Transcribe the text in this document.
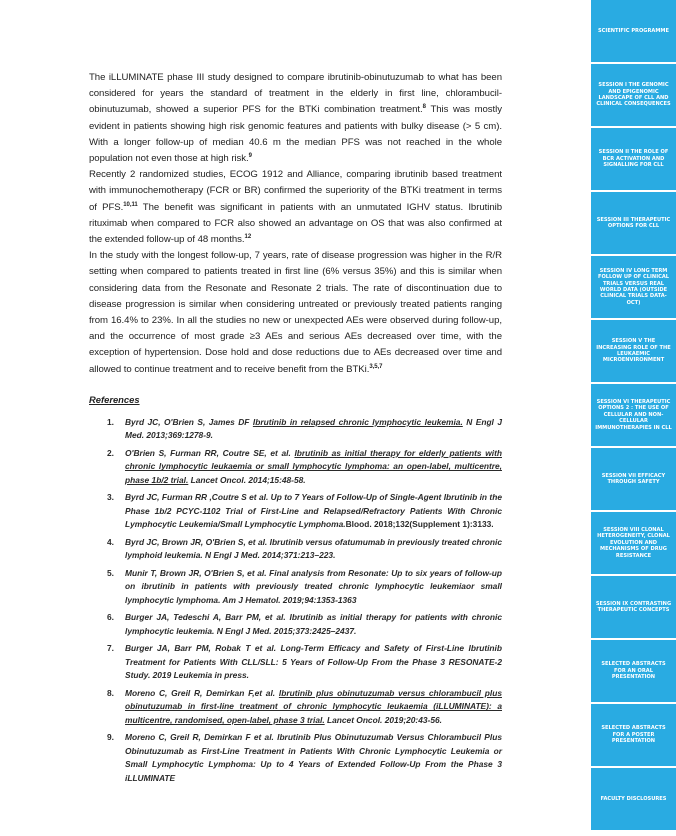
The iLLUMINATE phase III study designed to compare ibrutinib-obinutuzumab to what has been considered for years the standard of treatment in the elderly in first line, chlorambucil-obinutuzumab, showed a superior PFS for the BTKi combination treatment.$^8$ This was mostly evident in patients showing high risk genomic features and patients with bulky disease (> 5 cm). With a longer follow-up of median 40.6 m the median PFS was not reached in the whole population not even those at high risk.$^9$

Recently 2 randomized studies, ECOG 1912 and Alliance, comparing ibrutinib based treatment with immunochemotherapy (FCR or BR) confirmed the superiority of the BTKi treatment in terms of PFS.$^{10,11}$ The benefit was significant in patients with an unmutated IGHV status. Ibrutinib rituximab when compared to FCR also showed an advantage on OS that was also confirmed at the extended follow-up of 48 months.$^{12}$

In the study with the longest follow-up, 7 years, rate of disease progression was higher in the R/R setting when compared to patients treated in first line (6% versus 35%) and this is similar when considering data from the Resonate and Resonate 2 trials. The rate of discontinuation due to disease progression is similar when considering untreated or previously treated patients ranging from 16.4% to 23%. In all the studies no new or unexpected AEs were observed during follow-up, and the occurrence of most grade ≥3 AEs and serious AEs decreased over time, with the exception of hypertension. Dose hold and dose reductions due to AEs decreased over time and allowed to continue treatment and to receive benefit from the BTKi.$^{3,5,7}$

References
1. Byrd JC, O'Brien S, James DF Ibrutinib in relapsed chronic lymphocytic leukemia. N Engl J Med. 2013;369:1278-9.
2. O'Brien S, Furman RR, Coutre SE, et al. Ibrutinib as initial therapy for elderly patients with chronic lymphocytic leukaemia or small lymphocytic lymphoma: an open-label, multicentre, phase 1b/2 trial. Lancet Oncol. 2014;15:48-58.
3. Byrd JC, Furman RR ,Coutre S et al. Up to 7 Years of Follow-Up of Single-Agent Ibrutinib in the Phase 1b/2 PCYC-1102 Trial of First-Line and Relapsed/Refractory Patients With Chronic Lymphocytic Leukemia/Small Lymphocytic Lymphoma.Blood. 2018;132(Supplement 1):3133.
4. Byrd JC, Brown JR, O'Brien S, et al. Ibrutinib versus ofatumumab in previously treated chronic lymphoid leukemia. N Engl J Med. 2014;371:213–223.
5. Munir T, Brown JR, O'Brien S, et al. Final analysis from Resonate: Up to six years of follow-up on ibrutinib in patients with previously treated chronic lymphocytic leukemiaor small lymphocytic lymphoma. Am J Hematol. 2019;94:1353-1363
6. Burger JA, Tedeschi A, Barr PM, et al. Ibrutinib as initial therapy for patients with chronic lymphocytic leukemia. N Engl J Med. 2015;373:2425–2437.
7. Burger JA, Barr PM, Robak T et al. Long-Term Efficacy and Safety of First-Line Ibrutinib Treatment for Patients With CLL/SLL: 5 Years of Follow-Up From the Phase 3 RESONATE-2 Study. 2019 Leukemia in press.
8. Moreno C, Greil R, Demirkan F,et al. Ibrutinib plus obinutuzumab versus chlorambucil plus obinutuzumab in first-line treatment of chronic lymphocytic leukaemia (iLLUMINATE): a multicentre, randomised, open-label, phase 3 trial. Lancet Oncol. 2019;20:43-56.
9. Moreno C, Greil R, Demirkan F et al. Ibrutinib Plus Obinutuzumab Versus Chlorambucil Plus Obinutuzumab as First-Line Treatment in Patients With Chronic Lymphocytic Leukemia or Small Lymphocytic Lymphoma: Up to 4 Years of Extended Follow-Up From the Phase 3 iLLUMINATE
SCIENTIFIC PROGRAMME
SESSION I THE GENOMIC AND EPIGENOMIC LANDSCAPE OF CLL AND CLINICAL CONSEQUENCES
SESSION II THE ROLE OF BCR ACTIVATION AND SIGNALLING FOR CLL
SESSION III THERAPEUTIC OPTIONS FOR CLL
SESSION IV LONG TERM FOLLOW UP OF CLINICAL TRIALS VERSUS REAL WORLD DATA (OUTSIDE CLINICAL TRIALS DATA-OCT)
SESSION V THE INCREASING ROLE OF THE LEUKAEMIC MICROENVIRONMENT
SESSION VI THERAPEUTIC OPTIONS 2 : THE USE OF CELLULAR AND NON-CELLULAR IMMUNOTHERAPIES IN CLL
SESSION VII EFFICACY THROUGH SAFETY
SESSION VIII CLONAL HETEROGENEITY, CLONAL EVOLUTION AND MECHANISMS OF DRUG RESISTANCE
SESSION IX CONTRASTING THERAPEUTIC CONCEPTS
SELECTED ABSTRACTS FOR AN ORAL PRESENTATION
SELECTED ABSTRACTS FOR A POSTER PRESENTATION
FACULTY DISCLOSURES
